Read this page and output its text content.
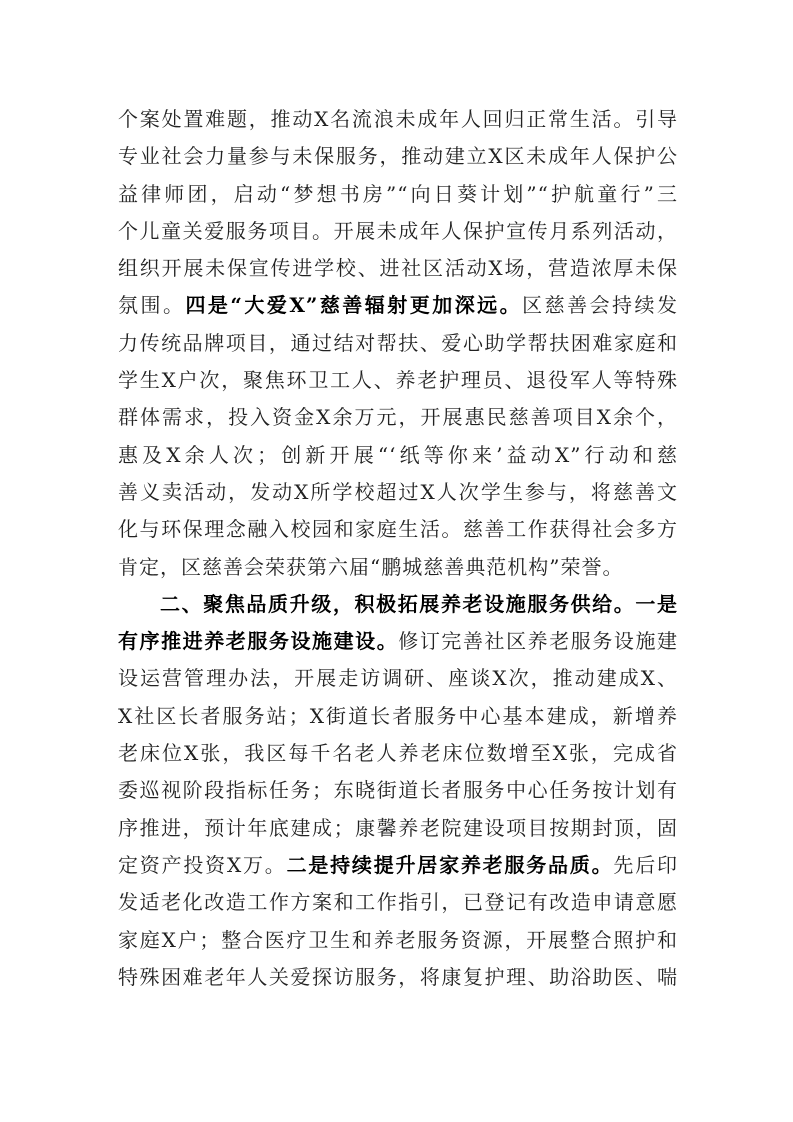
个案处置难题，推动X名流浪未成年人回归正常生活。引导
专业社会力量参与未保服务，推动建立X区未成年人保护公
益律师团，启动“梦想书房”“向日葵计划”“护航童行”三
个儿童关爱服务项目。开展未成年人保护宣传月系列活动，
组织开展未保宣传进学校、进社区活动X场，营造浓厚未保
氛围。四是“大爱X”慈善辐射更加深远。区慈善会持续发
力传统品牌项目，通过结对帮扶、爱心助学帮扶困难家庭和
学生X户次，聚焦环卫工人、养老护理员、退役军人等特殊
群体需求，投入资金X余万元，开展惠民慈善项目X余个，
惠及X余人次；创新开展“‘纸等你来’益动X”行动和慈
善义卖活动，发动X所学校超过X人次学生参与，将慈善文
化与环保理念融入校园和家庭生活。慈善工作获得社会多方
肯定，区慈善会荣获第六届“鹏城慈善典范机构”荣誉。
二、聚焦品质升级，积极拓展养老设施服务供给。一是
有序推进养老服务设施建设。修订完善社区养老服务设施建
设运营管理办法，开展走访调研、座谈X次，推动建成X、
X社区长者服务站；X街道长者服务中心基本建成，新增养
老床位X张，我区每千名老人养老床位数增至X张，完成省
委巡视阶段指标任务；东晓街道长者服务中心任务按计划有
序推进，预计年底建成；康馨养老院建设项目按期封顶，固
定资产投资X万。二是持续提升居家养老服务品质。先后印
发适老化改造工作方案和工作指引，已登记有改造申请意愿
家庭X户；整合医疗卫生和养老服务资源，开展整合照护和
特殊困难老年人关爱探访服务，将康复护理、助浴助医、喘
